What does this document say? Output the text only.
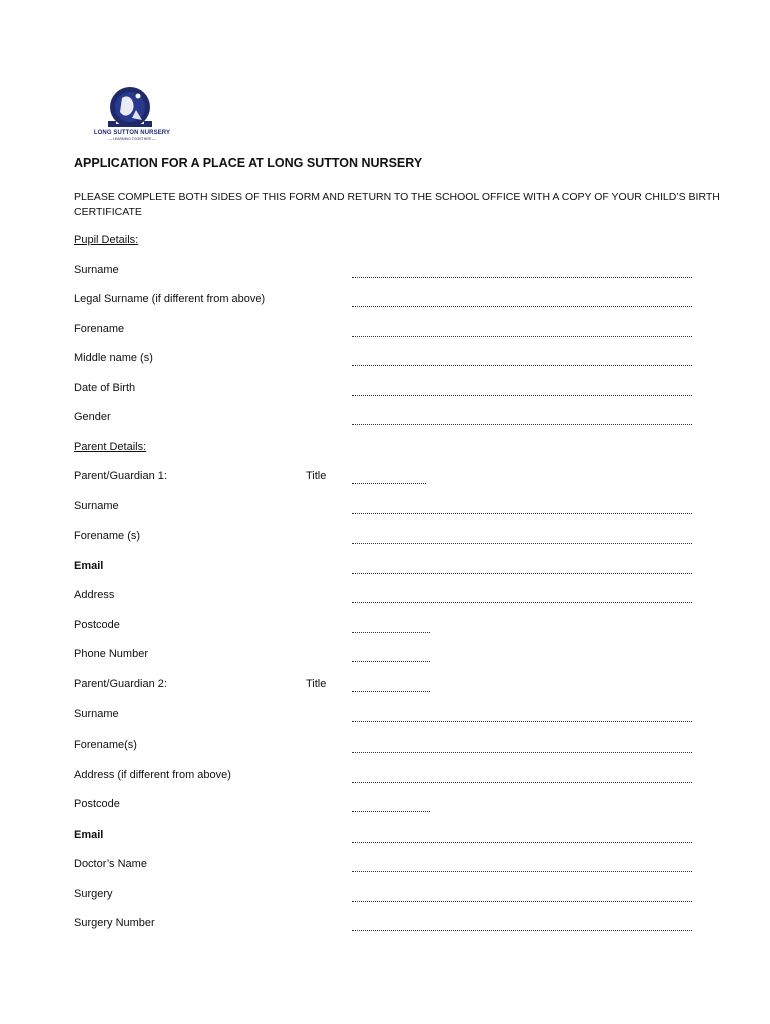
LONG SUTTON NURSERY
— LEARNING TOGETHER —
APPLICATION FOR A PLACE AT LONG SUTTON NURSERY
PLEASE COMPLETE BOTH SIDES OF THIS FORM AND RETURN TO THE SCHOOL OFFICE WITH A COPY OF YOUR CHILD’S BIRTH CERTIFICATE
Pupil Details:
Surname
Legal Surname (if different from above)
Forename
Middle name (s)
Date of Birth
Gender
Parent Details:
Parent/Guardian 1:	Title
Surname
Forename (s)
Email
Address
Postcode
Phone Number
Parent/Guardian 2:	Title
Surname
Forename(s)
Address (if different from above)
Postcode
Email
Doctor’s Name
Surgery
Surgery Number
